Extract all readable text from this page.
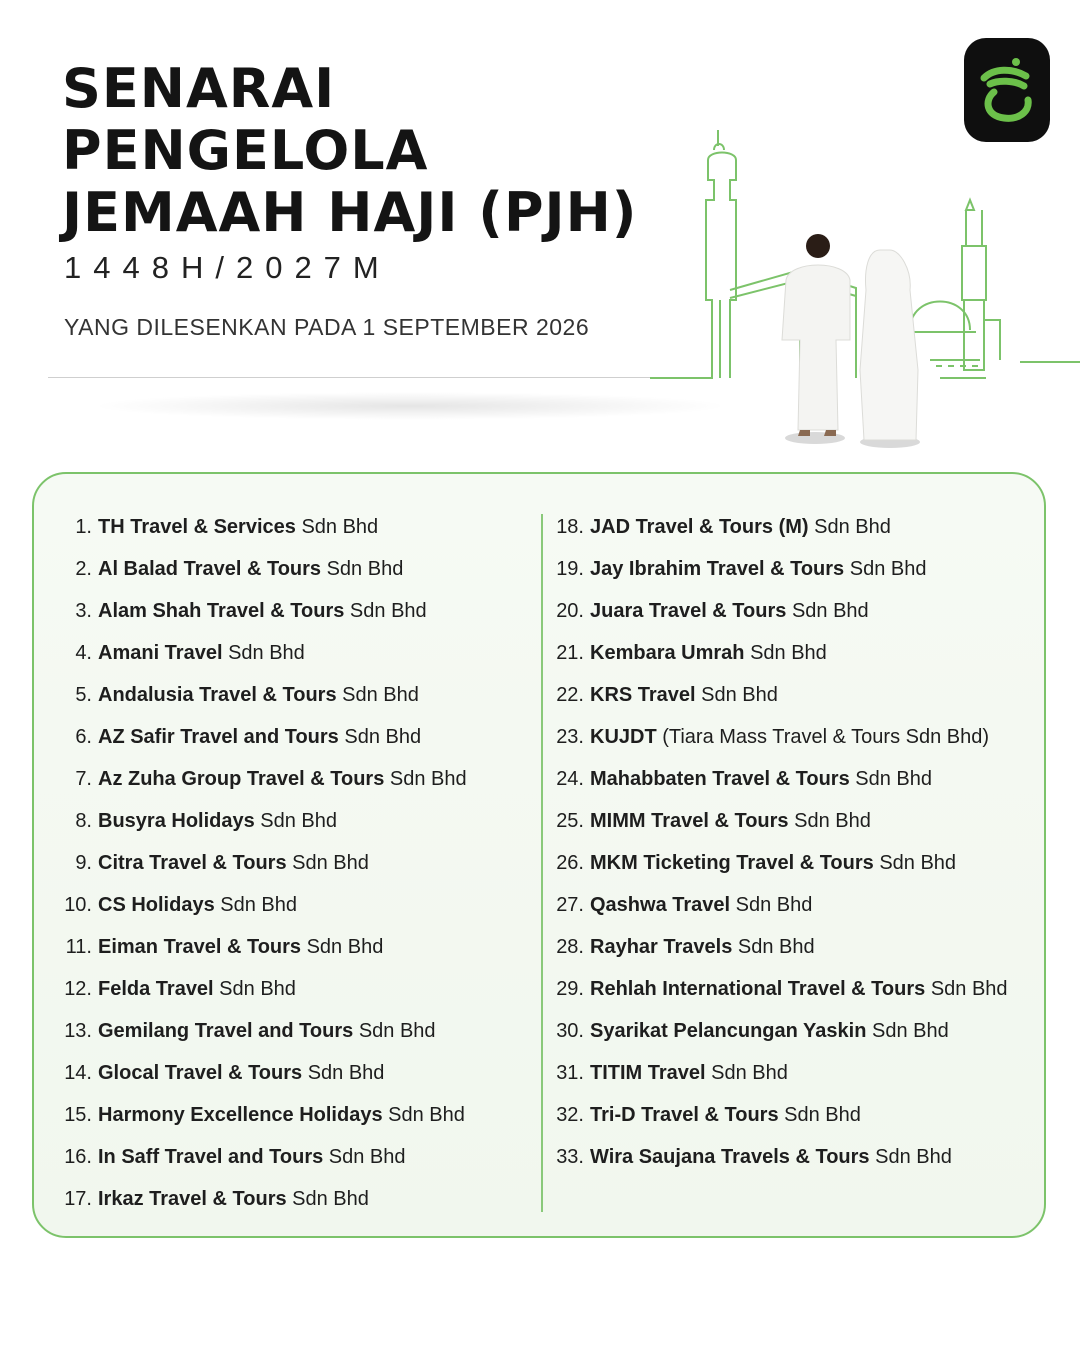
SENARAI
PENGELOLA
JEMAAH HAJI (PJH)
1448H/2027M
YANG DILESENKAN PADA 1 SEPTEMBER 2026
1. TH Travel & Services Sdn Bhd
2. Al Balad Travel & Tours Sdn Bhd
3. Alam Shah Travel & Tours Sdn Bhd
4. Amani Travel Sdn Bhd
5. Andalusia Travel & Tours Sdn Bhd
6. AZ Safir Travel and Tours Sdn Bhd
7. Az Zuha Group Travel & Tours Sdn Bhd
8. Busyra Holidays Sdn Bhd
9. Citra Travel & Tours Sdn Bhd
10. CS Holidays Sdn Bhd
11. Eiman Travel & Tours Sdn Bhd
12. Felda Travel Sdn Bhd
13. Gemilang Travel and Tours Sdn Bhd
14. Glocal Travel & Tours Sdn Bhd
15. Harmony Excellence Holidays Sdn Bhd
16. In Saff Travel and Tours Sdn Bhd
17. Irkaz Travel & Tours Sdn Bhd
18. JAD Travel & Tours (M) Sdn Bhd
19. Jay Ibrahim Travel & Tours Sdn Bhd
20. Juara Travel & Tours Sdn Bhd
21. Kembara Umrah Sdn Bhd
22. KRS Travel Sdn Bhd
23. KUJDT (Tiara Mass Travel & Tours Sdn Bhd)
24. Mahabbaten Travel & Tours Sdn Bhd
25. MIMM Travel & Tours Sdn Bhd
26. MKM Ticketing Travel & Tours Sdn Bhd
27. Qashwa Travel Sdn Bhd
28. Rayhar Travels Sdn Bhd
29. Rehlah International Travel & Tours Sdn Bhd
30. Syarikat Pelancungan Yaskin Sdn Bhd
31. TITIM Travel Sdn Bhd
32. Tri-D Travel & Tours Sdn Bhd
33. Wira Saujana Travels & Tours Sdn Bhd
